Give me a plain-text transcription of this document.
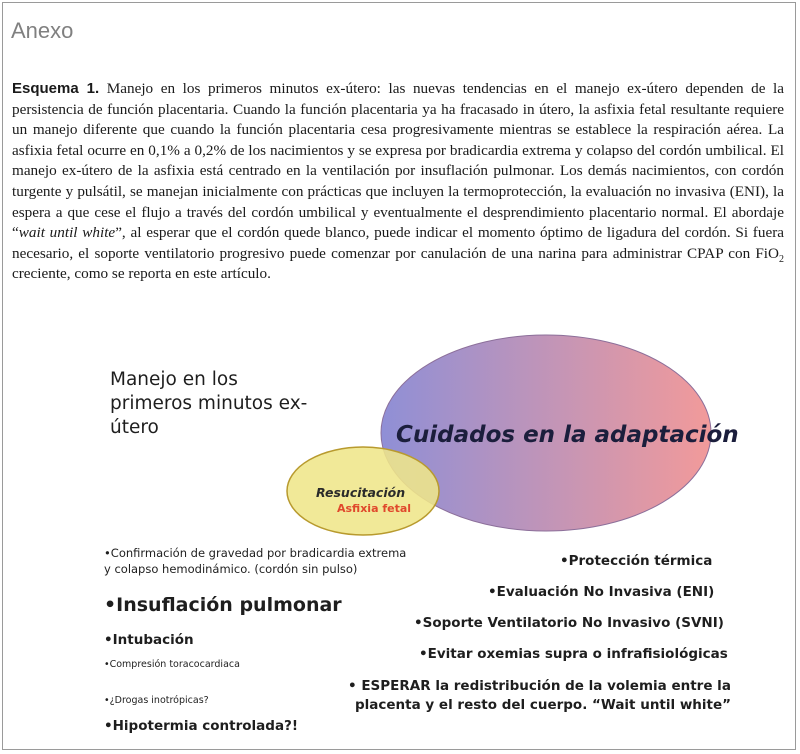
Anexo

Esquema 1. Manejo en los primeros minutos ex-útero: las nuevas tendencias en el manejo ex-útero dependen de la persistencia de función placentaria. Cuando la función placentaria ya ha fracasado in útero, la asfixia fetal resultante requiere un manejo diferente que cuando la función placentaria cesa progresivamente mientras se establece la respiración aérea. La asfixia fetal ocurre en 0,1% a 0,2% de los nacimientos y se expresa por bradicardia extrema y colapso del cordón umbilical. El manejo ex-útero de la asfixia está centrado en la ventilación por insuflación pulmonar. Los demás nacimientos, con cordón turgente y pulsátil, se manejan inicialmente con prácticas que incluyen la termoprotección, la evaluación no invasiva (ENI), la espera a que cese el flujo a través del cordón umbilical y eventualmente el desprendimiento placentario normal. El abordaje “wait until white”, al esperar que el cordón quede blanco, puede indicar el momento óptimo de ligadura del cordón. Si fuera necesario, el soporte ventilatorio progresivo puede comenzar por canulación de una narina para administrar CPAP con FiO$_2$ creciente, como se reporta en este artículo.

Manejo en los primeros minutos ex-útero	Cuidados en la adaptación

Resucitación

Asfixia fetal

•Confirmación de gravedad por bradicardia extrema
y colapso hemodinámico. (cordón sin pulso)
•Insuflación pulmonar
•Intubación
•Compresión toracocardiaca
•¿Drogas inotrópicas?
•Hipotermia controlada?!
•Protección térmica
•Evaluación No Invasiva (ENI)
•Soporte Ventilatorio No Invasivo (SVNI)
•Evitar oxemias supra o infrafisiológicas
• ESPERAR la redistribución de la volemia entre la
placenta y el resto del cuerpo. “Wait until white”
